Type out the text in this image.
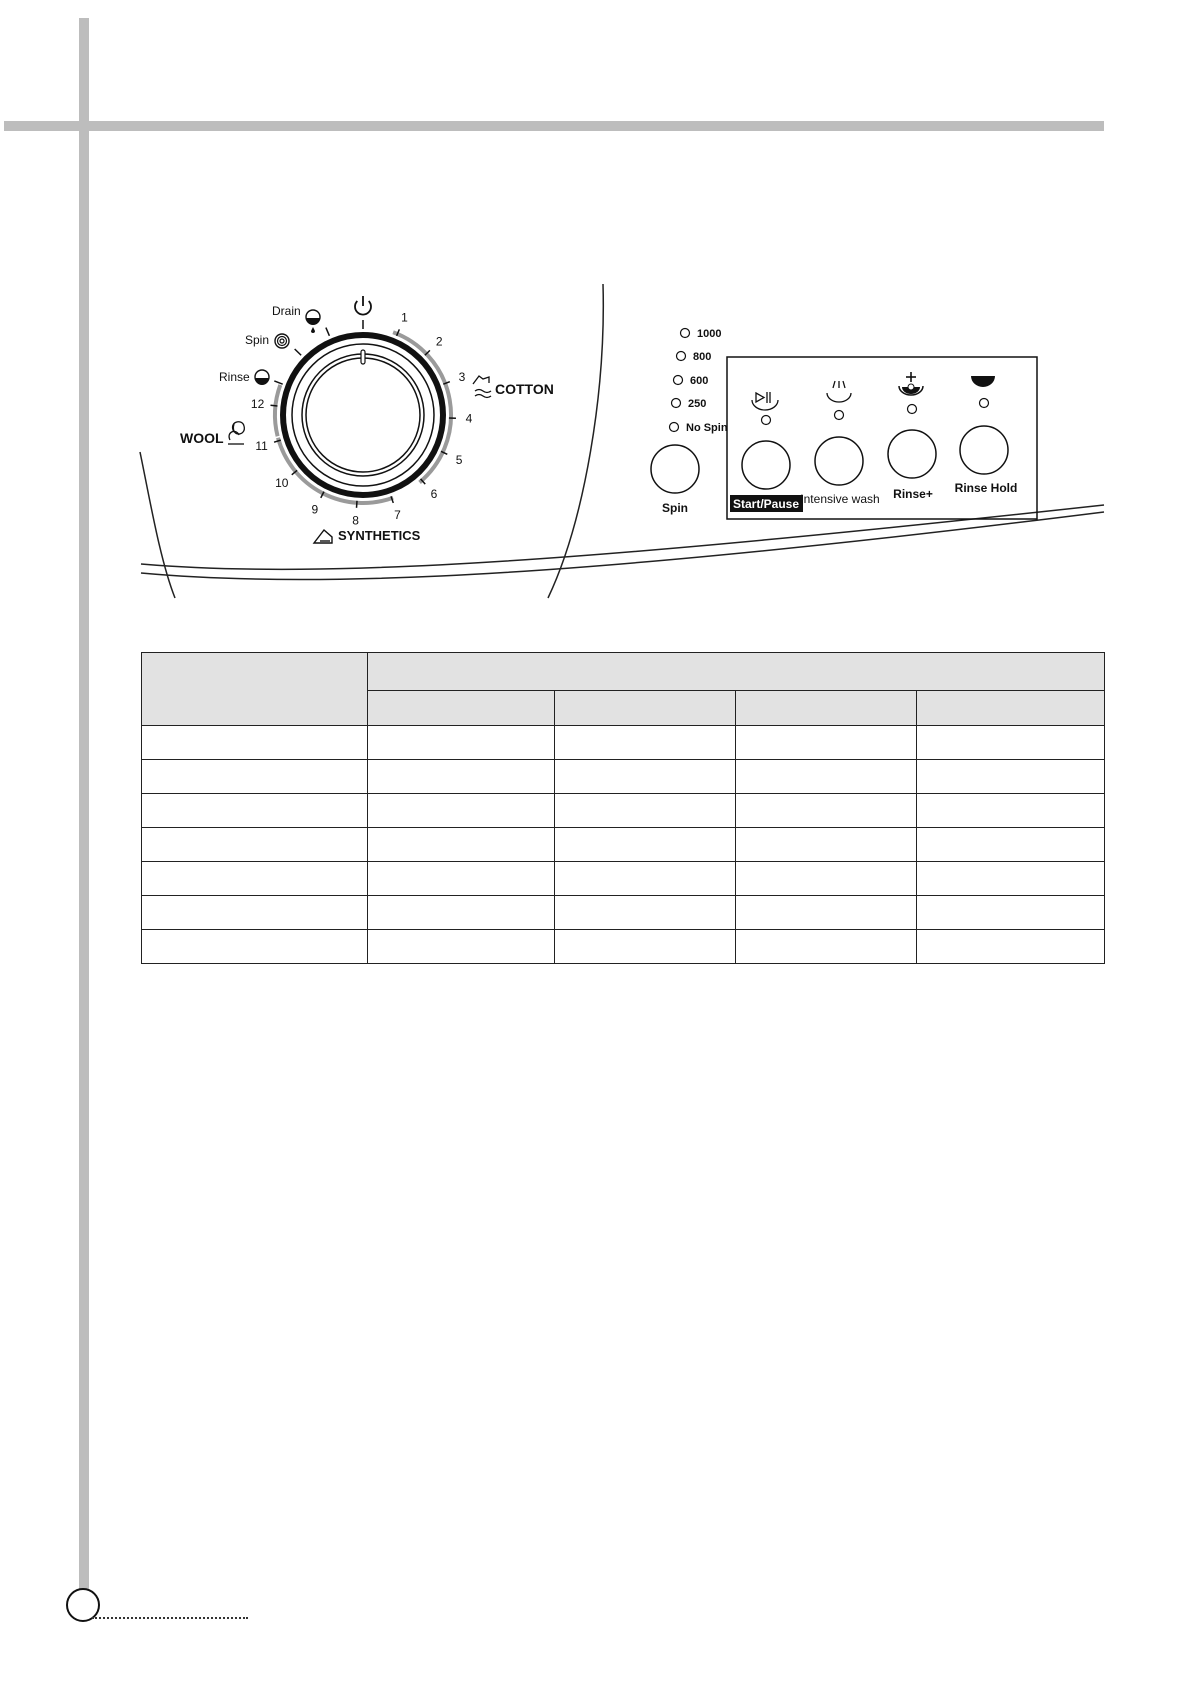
1
2
3
4
5
6
7
8
9
10
11
12
Drain
Spin
Rinse
WOOL
COTTON
SYNTHETICS
1000
800
600
250
No Spin
Spin	Start/Pause Intensive wash Rinse+ Rinse Hold
